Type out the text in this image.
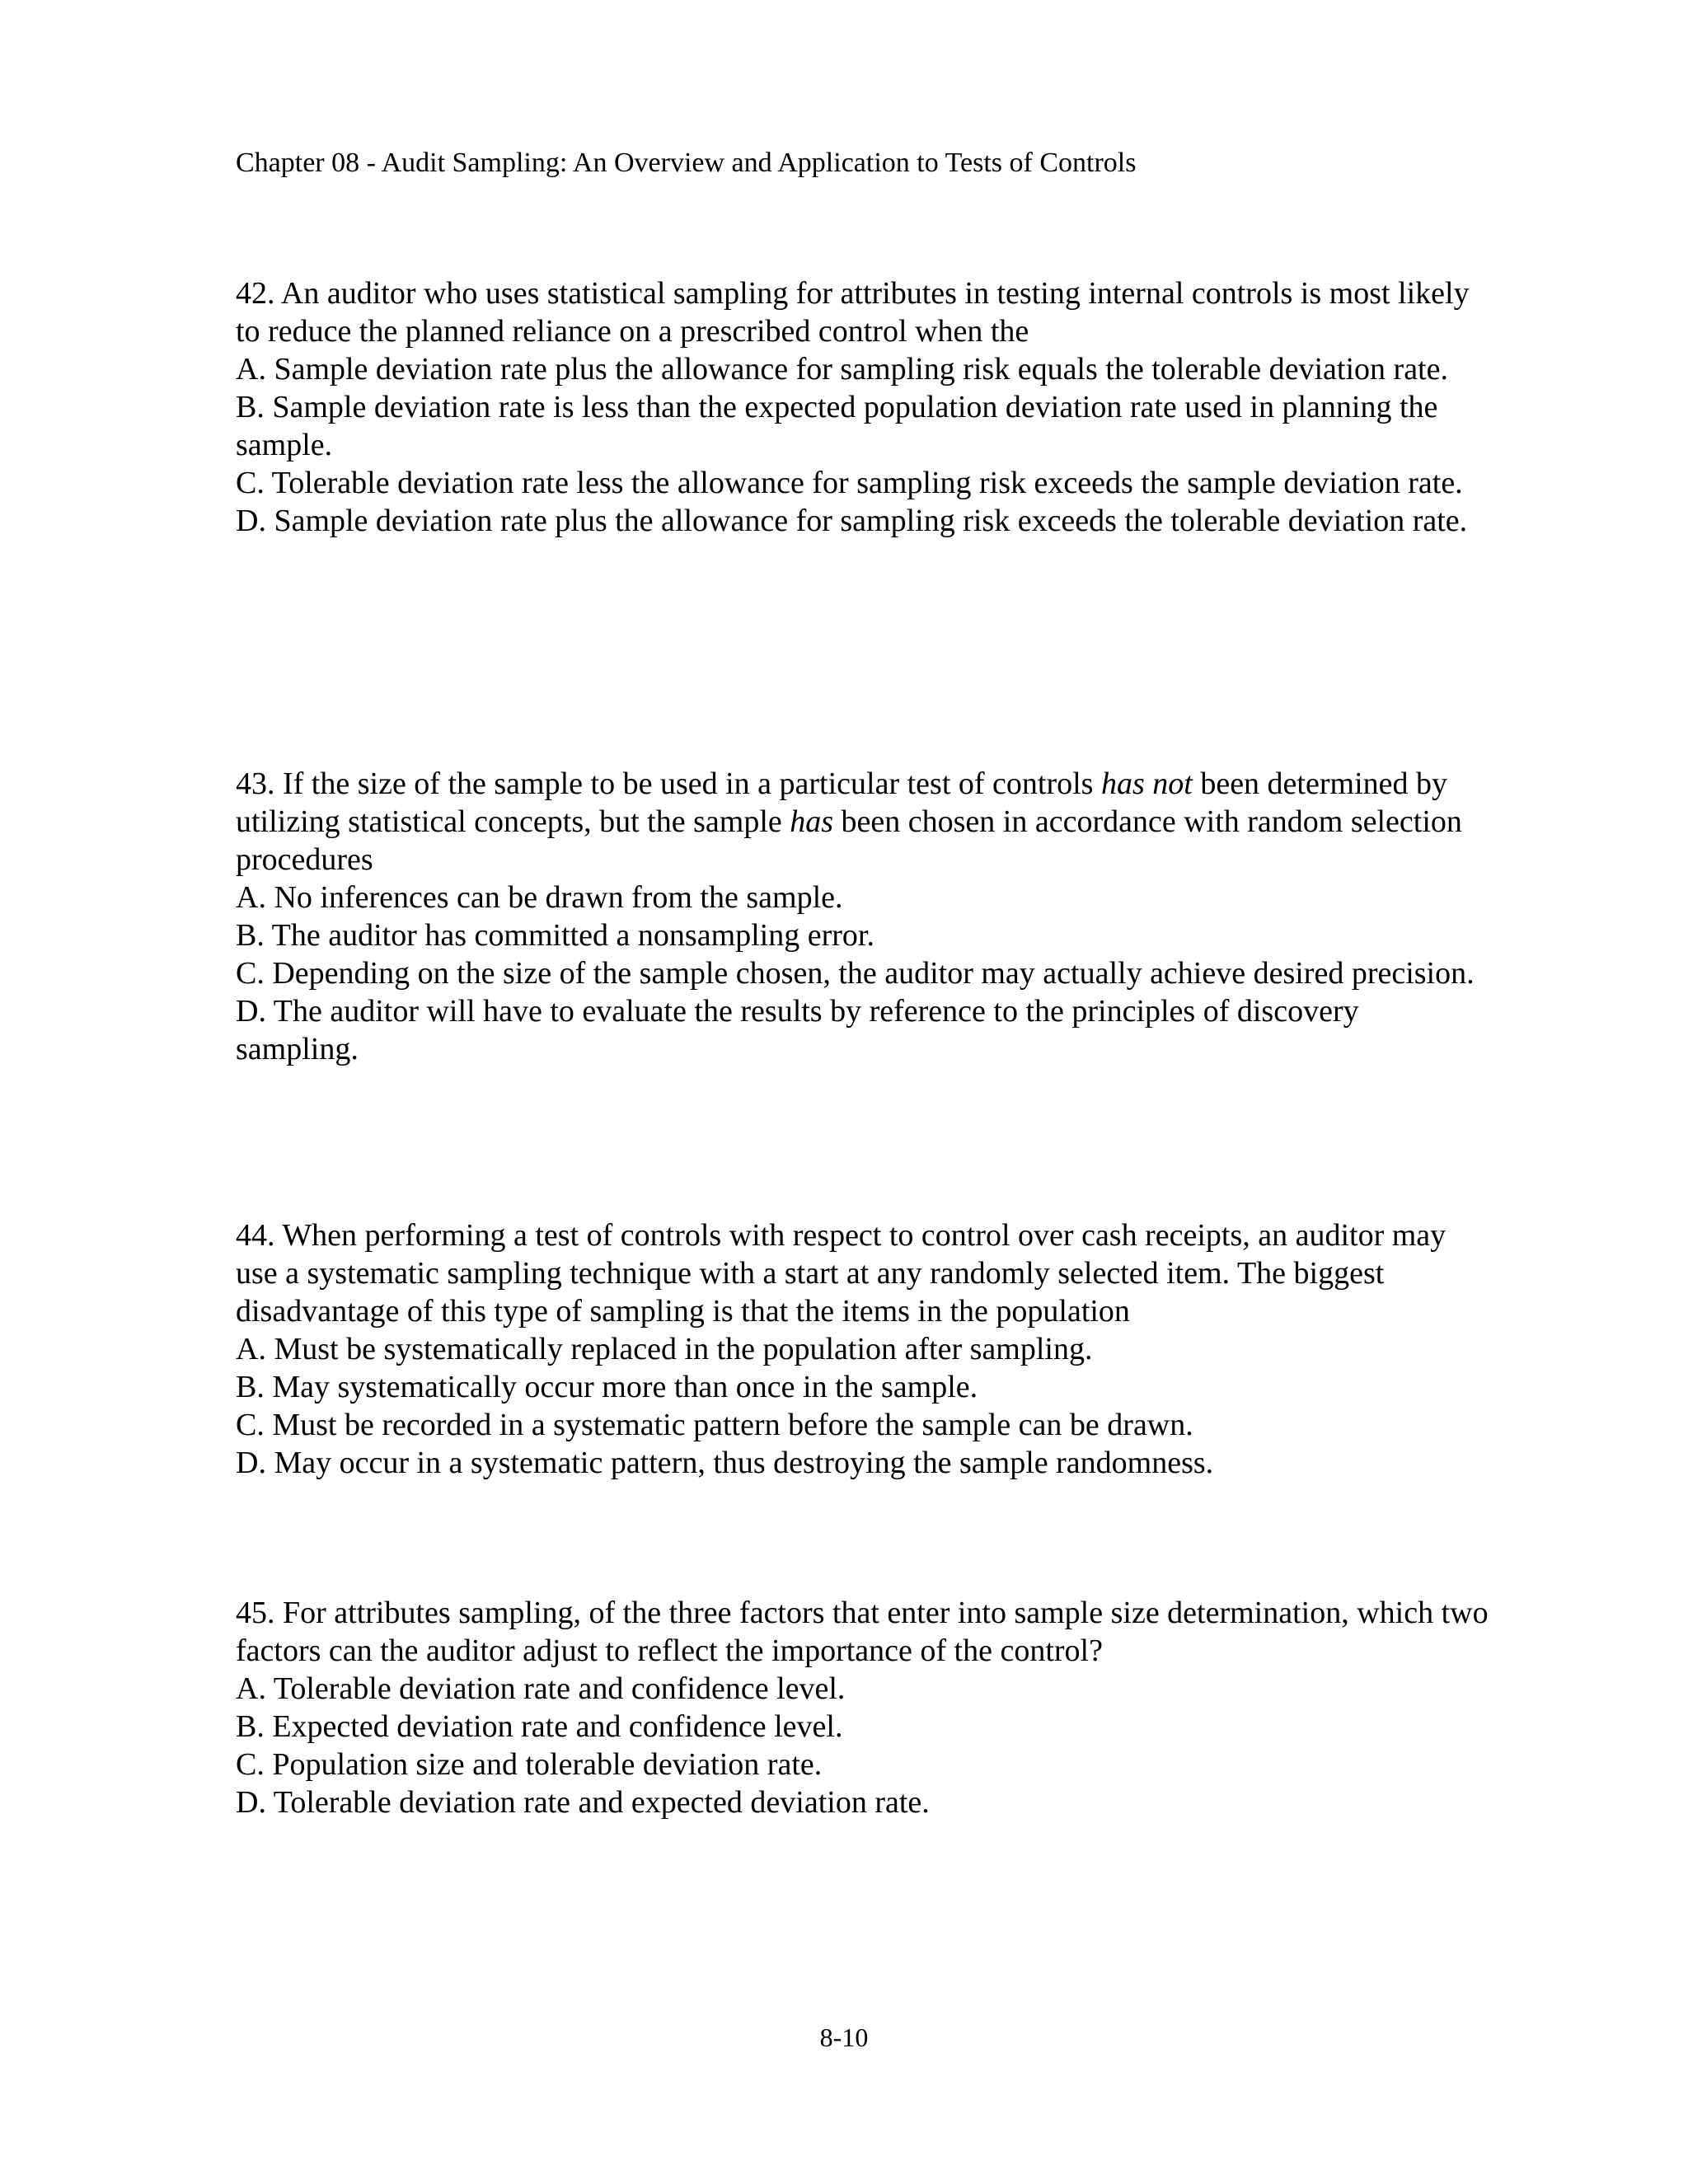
Chapter 08 - Audit Sampling: An Overview and Application to Tests of Controls

42. An auditor who uses statistical sampling for attributes in testing internal controls is most likely to reduce the planned reliance on a prescribed control when the

A. Sample deviation rate plus the allowance for sampling risk equals the tolerable deviation rate.

B. Sample deviation rate is less than the expected population deviation rate used in planning the sample.

C. Tolerable deviation rate less the allowance for sampling risk exceeds the sample deviation rate.

D. Sample deviation rate plus the allowance for sampling risk exceeds the tolerable deviation rate.

43. If the size of the sample to be used in a particular test of controls has not been determined by utilizing statistical concepts, but the sample has been chosen in accordance with random selection procedures

A. No inferences can be drawn from the sample.

B. The auditor has committed a nonsampling error.

C. Depending on the size of the sample chosen, the auditor may actually achieve desired precision.

D. The auditor will have to evaluate the results by reference to the principles of discovery sampling.

44. When performing a test of controls with respect to control over cash receipts, an auditor may use a systematic sampling technique with a start at any randomly selected item. The biggest disadvantage of this type of sampling is that the items in the population

A. Must be systematically replaced in the population after sampling.

B. May systematically occur more than once in the sample.

C. Must be recorded in a systematic pattern before the sample can be drawn.

D. May occur in a systematic pattern, thus destroying the sample randomness.

45. For attributes sampling, of the three factors that enter into sample size determination, which two factors can the auditor adjust to reflect the importance of the control?

A. Tolerable deviation rate and confidence level.

B. Expected deviation rate and confidence level.

C. Population size and tolerable deviation rate.

D. Tolerable deviation rate and expected deviation rate.

8-10
